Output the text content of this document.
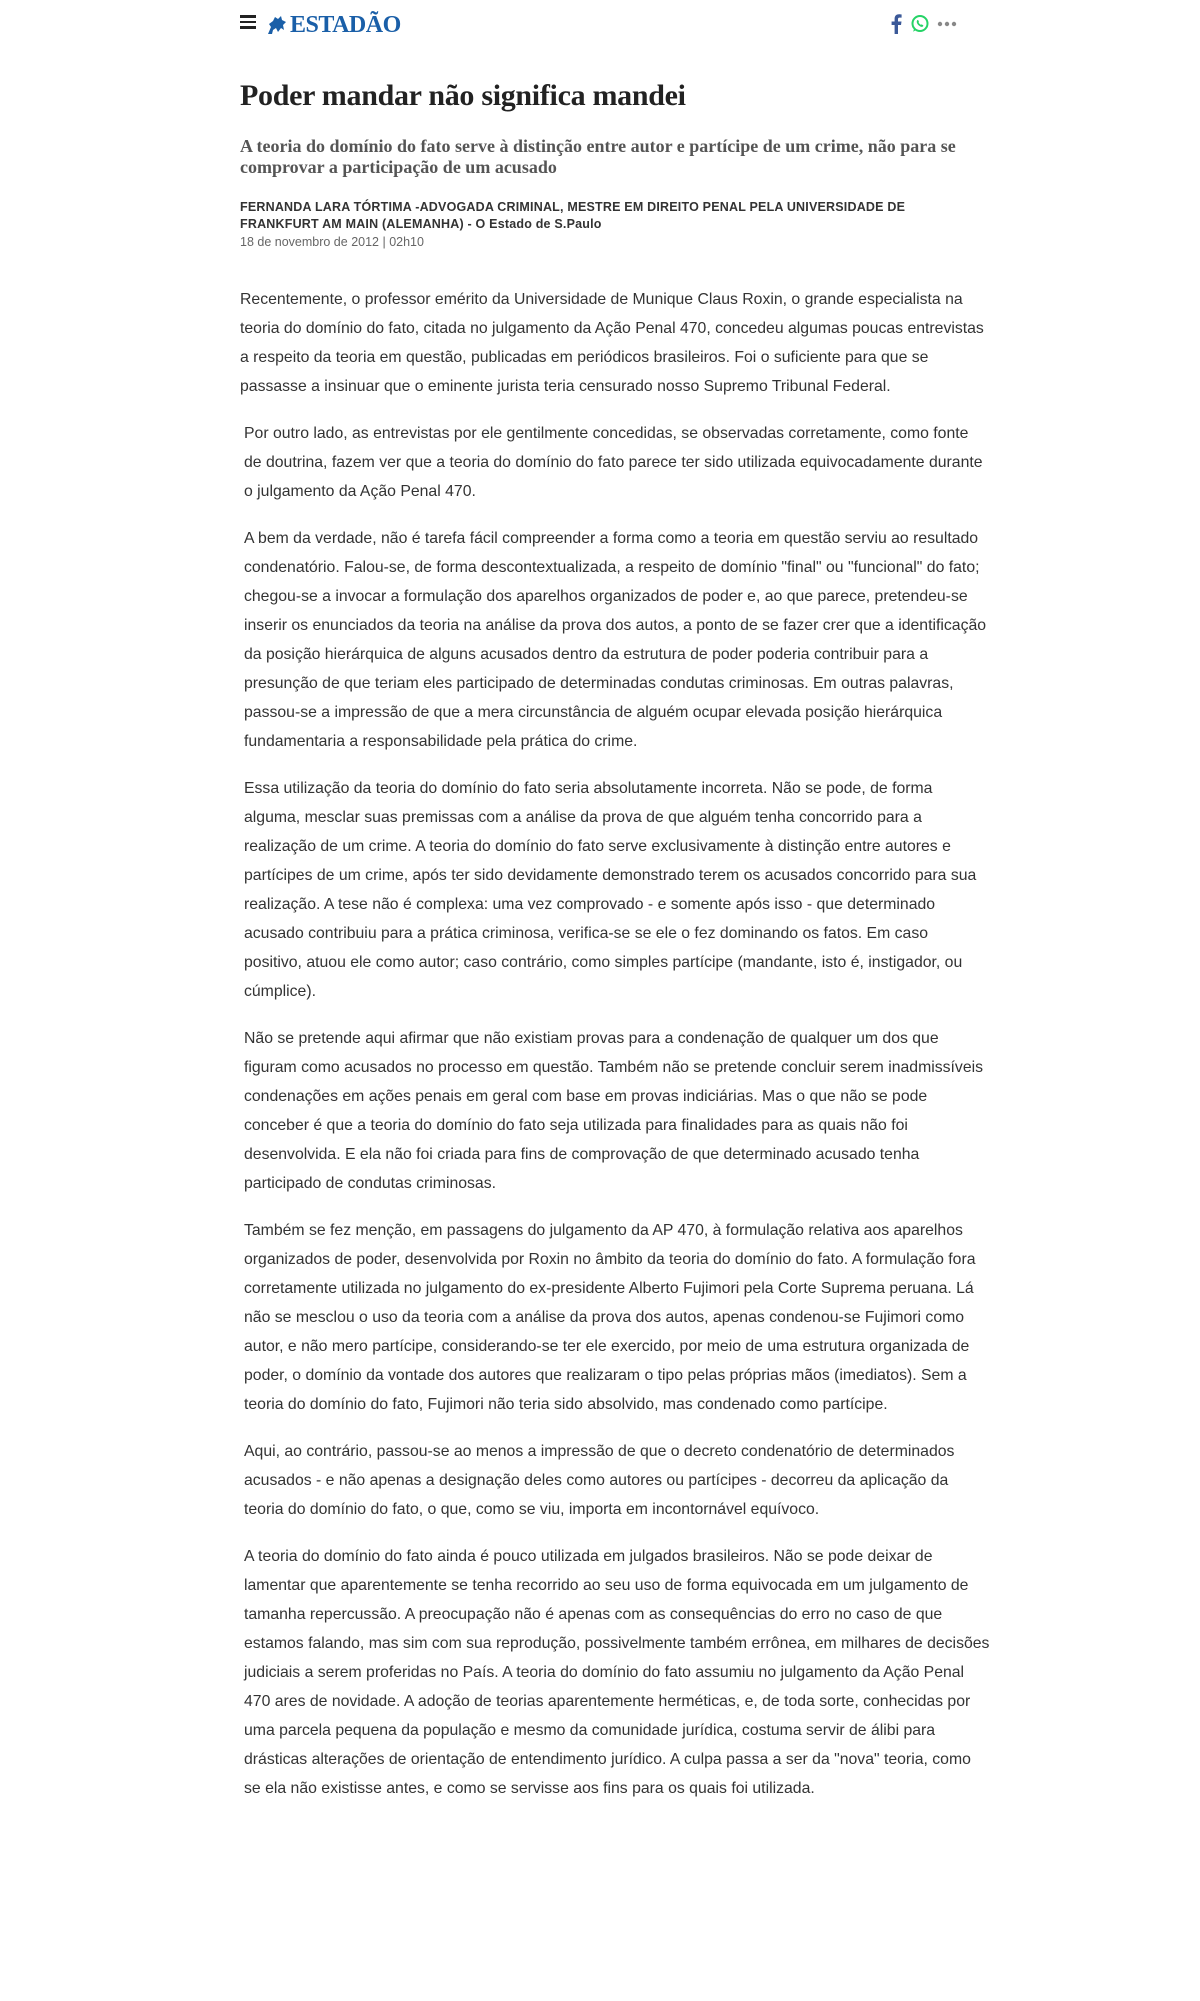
ESTADÃO
Poder mandar não significa mandei
A teoria do domínio do fato serve à distinção entre autor e partícipe de um crime, não para se comprovar a participação de um acusado
FERNANDA LARA TÓRTIMA -ADVOGADA CRIMINAL, MESTRE EM DIREITO PENAL PELA UNIVERSIDADE DE FRANKFURT AM MAIN (ALEMANHA) - O Estado de S.Paulo
18 de novembro de 2012 | 02h10

Recentemente, o professor emérito da Universidade de Munique Claus Roxin, o grande especialista na teoria do domínio do fato, citada no julgamento da Ação Penal 470, concedeu algumas poucas entrevistas a respeito da teoria em questão, publicadas em periódicos brasileiros. Foi o suficiente para que se passasse a insinuar que o eminente jurista teria censurado nosso Supremo Tribunal Federal.

Por outro lado, as entrevistas por ele gentilmente concedidas, se observadas corretamente, como fonte de doutrina, fazem ver que a teoria do domínio do fato parece ter sido utilizada equivocadamente durante o julgamento da Ação Penal 470.

A bem da verdade, não é tarefa fácil compreender a forma como a teoria em questão serviu ao resultado condenatório. Falou-se, de forma descontextualizada, a respeito de domínio "final" ou "funcional" do fato; chegou-se a invocar a formulação dos aparelhos organizados de poder e, ao que parece, pretendeu-se inserir os enunciados da teoria na análise da prova dos autos, a ponto de se fazer crer que a identificação da posição hierárquica de alguns acusados dentro da estrutura de poder poderia contribuir para a presunção de que teriam eles participado de determinadas condutas criminosas. Em outras palavras, passou-se a impressão de que a mera circunstância de alguém ocupar elevada posição hierárquica fundamentaria a responsabilidade pela prática do crime.

Essa utilização da teoria do domínio do fato seria absolutamente incorreta. Não se pode, de forma alguma, mesclar suas premissas com a análise da prova de que alguém tenha concorrido para a realização de um crime. A teoria do domínio do fato serve exclusivamente à distinção entre autores e partícipes de um crime, após ter sido devidamente demonstrado terem os acusados concorrido para sua realização. A tese não é complexa: uma vez comprovado - e somente após isso - que determinado acusado contribuiu para a prática criminosa, verifica-se se ele o fez dominando os fatos. Em caso positivo, atuou ele como autor; caso contrário, como simples partícipe (mandante, isto é, instigador, ou cúmplice).

Não se pretende aqui afirmar que não existiam provas para a condenação de qualquer um dos que figuram como acusados no processo em questão. Também não se pretende concluir serem inadmissíveis condenações em ações penais em geral com base em provas indiciárias. Mas o que não se pode conceber é que a teoria do domínio do fato seja utilizada para finalidades para as quais não foi desenvolvida. E ela não foi criada para fins de comprovação de que determinado acusado tenha participado de condutas criminosas.

Também se fez menção, em passagens do julgamento da AP 470, à formulação relativa aos aparelhos organizados de poder, desenvolvida por Roxin no âmbito da teoria do domínio do fato. A formulação fora corretamente utilizada no julgamento do ex-presidente Alberto Fujimori pela Corte Suprema peruana. Lá não se mesclou o uso da teoria com a análise da prova dos autos, apenas condenou-se Fujimori como autor, e não mero partícipe, considerando-se ter ele exercido, por meio de uma estrutura organizada de poder, o domínio da vontade dos autores que realizaram o tipo pelas próprias mãos (imediatos). Sem a teoria do domínio do fato, Fujimori não teria sido absolvido, mas condenado como partícipe.

Aqui, ao contrário, passou-se ao menos a impressão de que o decreto condenatório de determinados acusados - e não apenas a designação deles como autores ou partícipes - decorreu da aplicação da teoria do domínio do fato, o que, como se viu, importa em incontornável equívoco.

A teoria do domínio do fato ainda é pouco utilizada em julgados brasileiros. Não se pode deixar de lamentar que aparentemente se tenha recorrido ao seu uso de forma equivocada em um julgamento de tamanha repercussão. A preocupação não é apenas com as consequências do erro no caso de que estamos falando, mas sim com sua reprodução, possivelmente também errônea, em milhares de decisões judiciais a serem proferidas no País. A teoria do domínio do fato assumiu no julgamento da Ação Penal 470 ares de novidade. A adoção de teorias aparentemente herméticas, e, de toda sorte, conhecidas por uma parcela pequena da população e mesmo da comunidade jurídica, costuma servir de álibi para drásticas alterações de orientação de entendimento jurídico. A culpa passa a ser da "nova" teoria, como se ela não existisse antes, e como se servisse aos fins para os quais foi utilizada.
